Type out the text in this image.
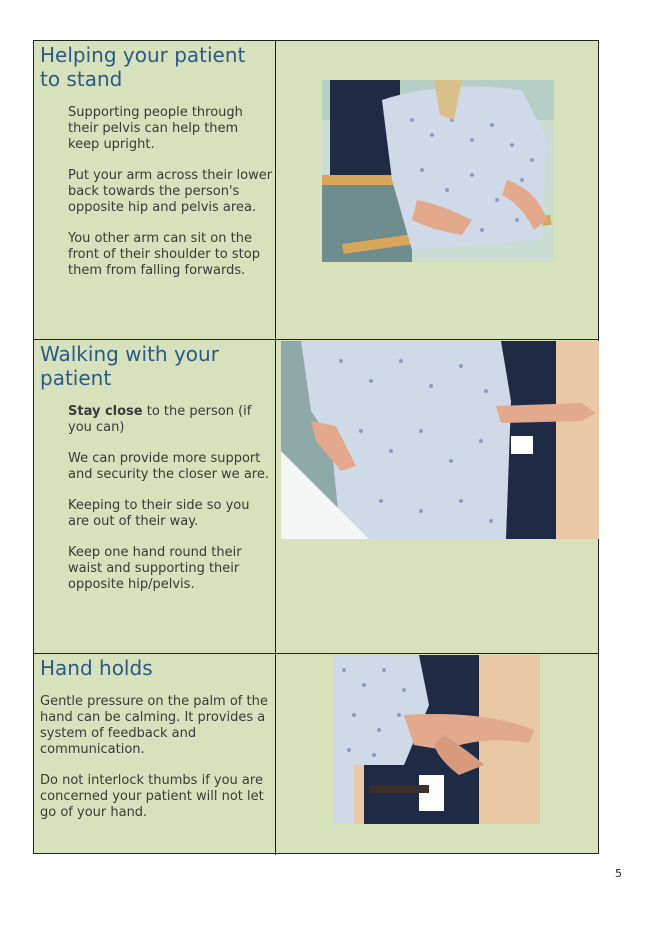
Helping your patient to stand

Supporting people through their pelvis can help them keep upright.

Put your arm across their lower back towards the person's opposite hip and pelvis area.

You other arm can sit on the front of their shoulder to stop them from falling forwards.

Walking with your patient

Stay close to the person (if you can)

We can provide more support and security the closer we are.

Keeping to their side so you are out of their way.

Keep one hand round their waist and supporting their opposite hip/pelvis.

Hand holds

Gentle pressure on the palm of the hand can be calming. It provides a system of feedback and communication.

Do not interlock thumbs if you are concerned your patient will not let go of your hand.

5
